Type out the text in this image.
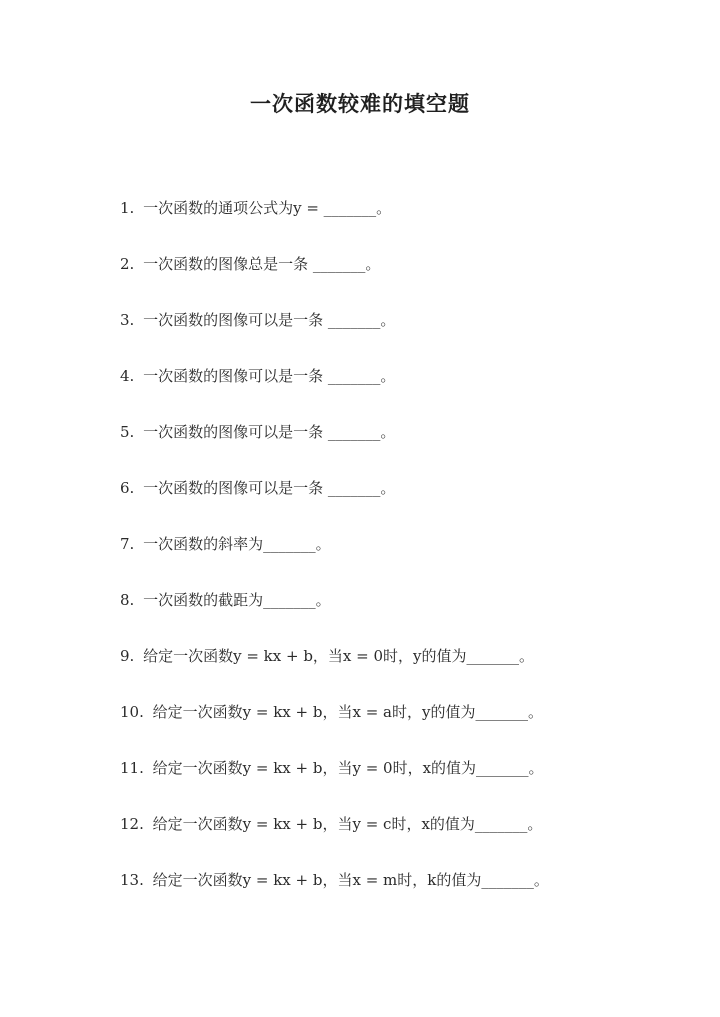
一次函数较难的填空题
1. 一次函数的通项公式为y = _______。
2. 一次函数的图像总是一条 _______。
3. 一次函数的图像可以是一条 _______。
4. 一次函数的图像可以是一条 _______。
5. 一次函数的图像可以是一条 _______。
6. 一次函数的图像可以是一条 _______。
7. 一次函数的斜率为_______。
8. 一次函数的截距为_______。
9. 给定一次函数y = kx + b，当x = 0时，y的值为_______。
10. 给定一次函数y = kx + b，当x = a时，y的值为_______。
11. 给定一次函数y = kx + b，当y = 0时，x的值为_______。
12. 给定一次函数y = kx + b，当y = c时，x的值为_______。
13. 给定一次函数y = kx + b，当x = m时，k的值为_______。
